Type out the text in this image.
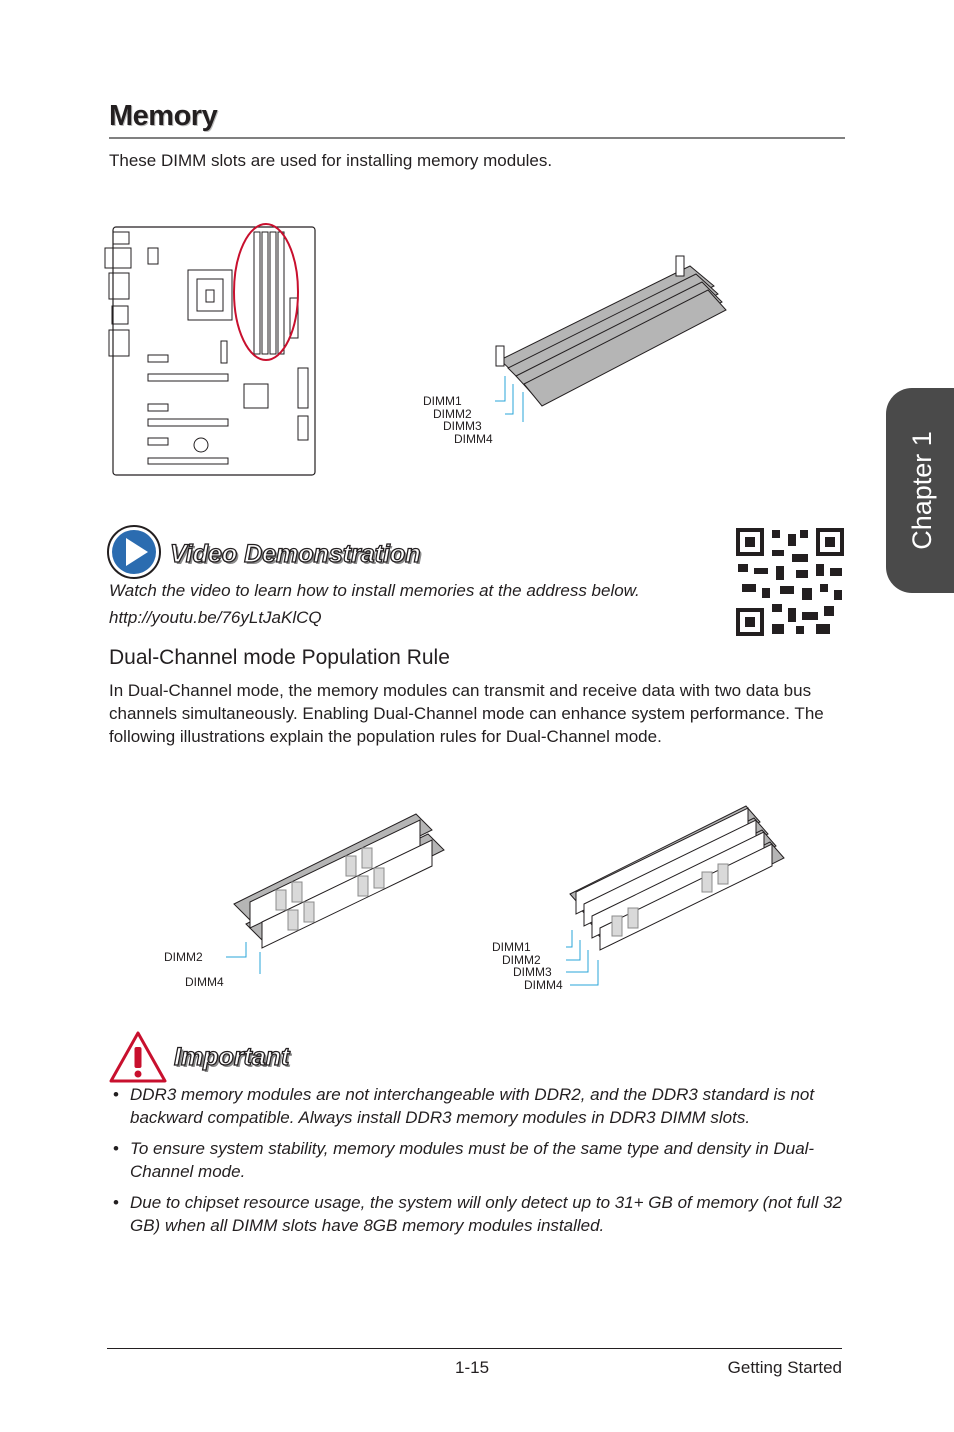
Memory
These DIMM slots are used for installing memory modules.
Chapter 1
DIMM1
DIMM2
DIMM3
DIMM4
Video Demonstration
Watch the video to learn how to install memories at the address below.
http://youtu.be/76yLtJaKlCQ
Dual-Channel mode Population Rule
In Dual-Channel mode, the memory modules can transmit and receive data with two data bus channels simultaneously. Enabling Dual-Channel mode can enhance system performance. The following illustrations explain the population rules for Dual-Channel mode.
DIMM2
DIMM4
DIMM1
DIMM2
DIMM3
DIMM4
Important
• DDR3 memory modules are not interchangeable with DDR2, and the DDR3 standard is not backward compatible. Always install DDR3 memory modules in DDR3 DIMM slots.
• To ensure system stability, memory modules must be of the same type and density in Dual-Channel mode.
• Due to chipset resource usage, the system will only detect up to 31+ GB of memory (not full 32 GB) when all DIMM slots have 8GB memory modules installed.
1-15	Getting Started
